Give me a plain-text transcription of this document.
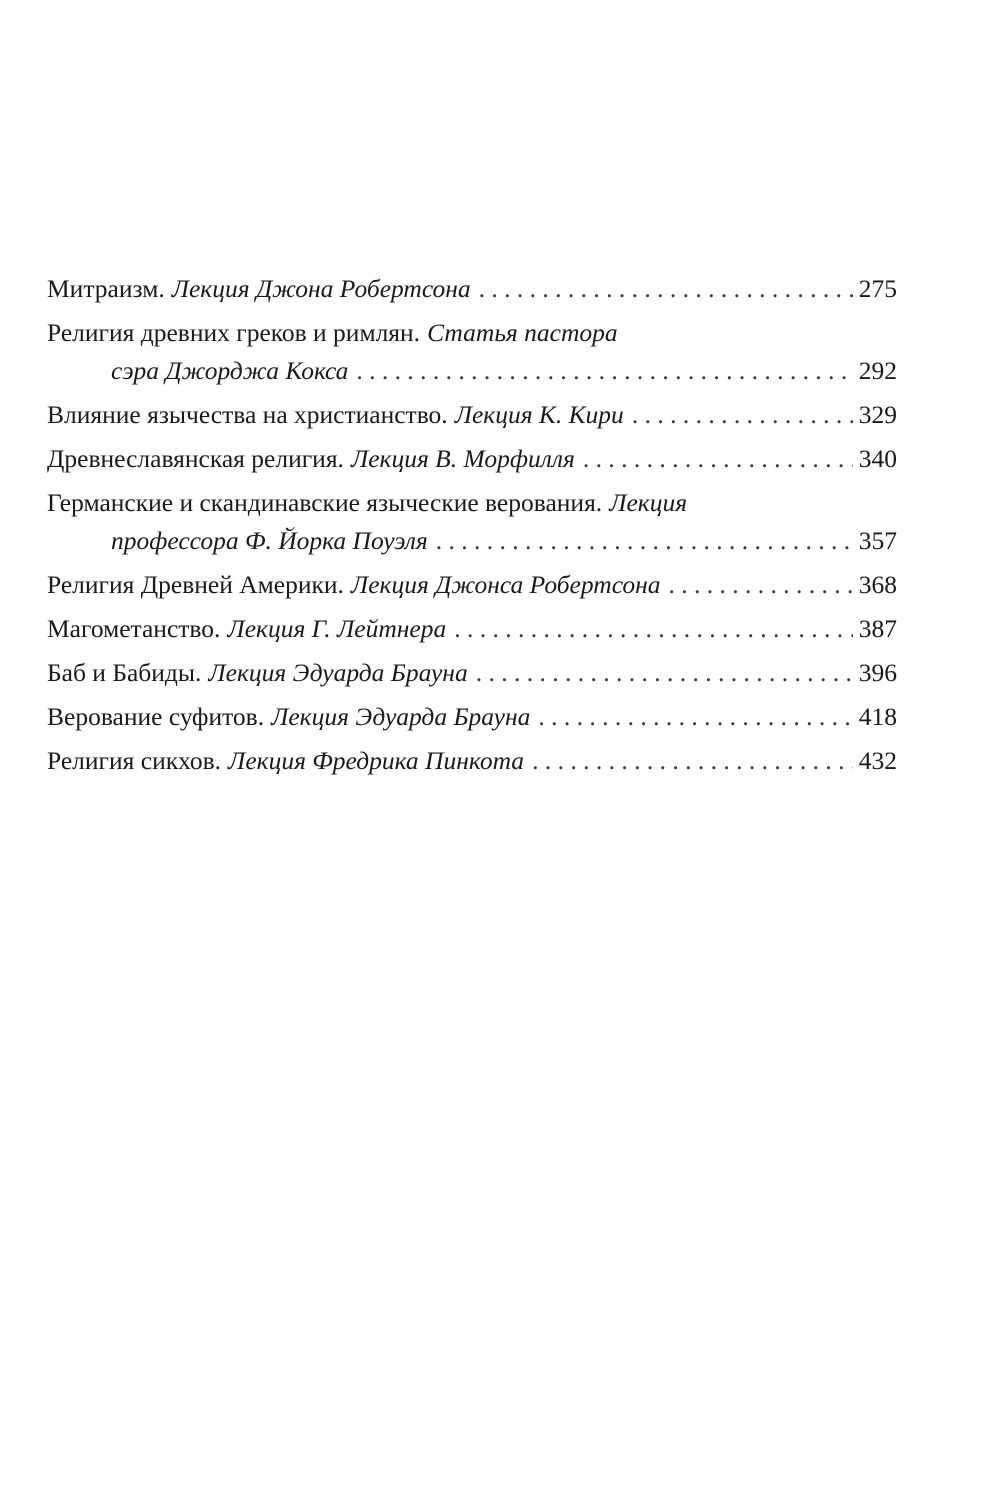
Митраизм. Лекция Джона Робертсона . . .	275
Религия древних греков и римлян. Статья пастора
сэра Джорджа Кокса . . .	292
Влияние язычества на христианство. Лекция К. Кири . . .	329
Древнеславянская религия. Лекция В. Морфилля . . .	340
Германские и скандинавские языческие верования. Лекция
профессора Ф. Йорка Поуэля . . .	357
Религия Древней Америки. Лекция Джонса Робертсона . . .	368
Магометанство. Лекция Г. Лейтнера . . .	387
Баб и Бабиды. Лекция Эдуарда Брауна . . .	396
Верование суфитов. Лекция Эдуарда Брауна . . .	418
Религия сикхов. Лекция Фредрика Пинкота . . .	432
